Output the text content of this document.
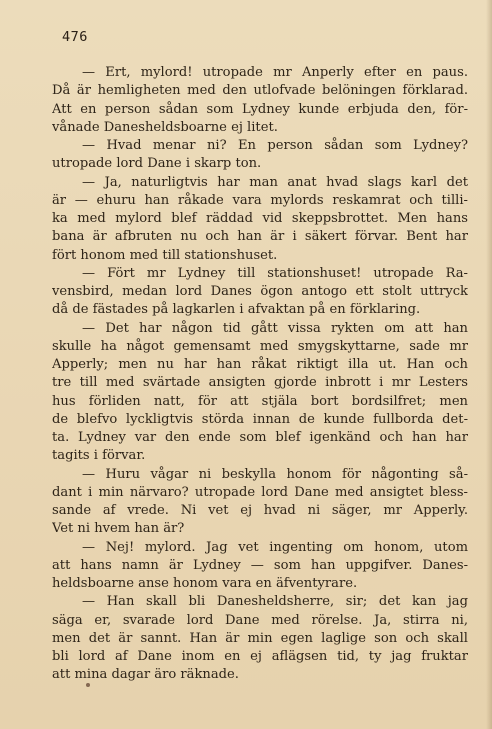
476
— Ert, mylord! utropade mr Anperly efter en paus.
Då är hemligheten med den utlofvade belöningen förklarad.
Att en person sådan som Lydney kunde erbjuda den, för-
vånade Danesheldsboarne ej litet.
— Hvad menar ni? En person sådan som Lydney?
utropade lord Dane i skarp ton.
— Ja, naturligtvis har man anat hvad slags karl det
är — ehuru han råkade vara mylords reskamrat och tilli-
ka med mylord blef räddad vid skeppsbrottet. Men hans
bana är afbruten nu och han är i säkert förvar. Bent har
fört honom med till stationshuset.
— Fört mr Lydney till stationshuset! utropade Ra-
vensbird, medan lord Danes ögon antogo ett stolt uttryck
då de fästades på lagkarlen i afvaktan på en förklaring.
— Det har någon tid gått vissa rykten om att han
skulle ha något gemensamt med smygskyttarne, sade mr
Apperly; men nu har han råkat riktigt illa ut. Han och
tre till med svärtade ansigten gjorde inbrott i mr Lesters
hus förliden natt, för att stjäla bort bordsilfret; men
de blefvo lyckligtvis störda innan de kunde fullborda det-
ta. Lydney var den ende som blef igenkänd och han har
tagits i förvar.
— Huru vågar ni beskylla honom för någonting så-
dant i min närvaro? utropade lord Dane med ansigtet bless-
sande af vrede. Ni vet ej hvad ni säger, mr Apperly.
Vet ni hvem han är?
— Nej! mylord. Jag vet ingenting om honom, utom
att hans namn är Lydney — som han uppgifver. Danes-
heldsboarne anse honom vara en äfventyrare.
— Han skall bli Danesheldsherre, sir; det kan jag
säga er, svarade lord Dane med rörelse. Ja, stirra ni,
men det är sannt. Han är min egen laglige son och skall
bli lord af Dane inom en ej aflägsen tid, ty jag fruktar
att mina dagar äro räknade.
